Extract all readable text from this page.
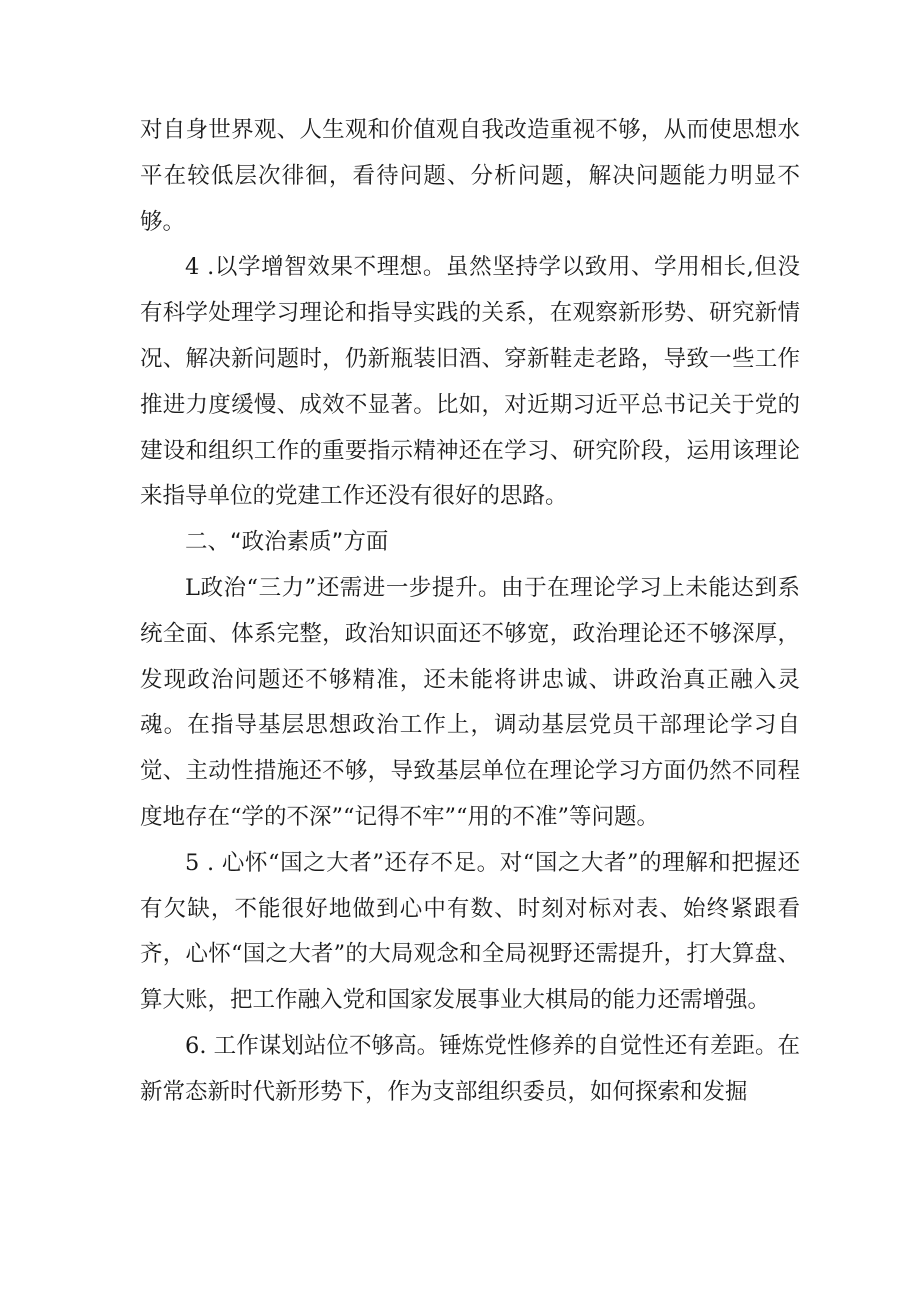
对自身世界观、人生观和价值观自我改造重视不够，从而使思想水平在较低层次徘徊，看待问题、分析问题，解决问题能力明显不够。

4 .以学增智效果不理想。虽然坚持学以致用、学用相长,但没有科学处理学习理论和指导实践的关系，在观察新形势、研究新情况、解决新问题时，仍新瓶装旧酒、穿新鞋走老路，导致一些工作推进力度缓慢、成效不显著。比如，对近期习近平总书记关于党的建设和组织工作的重要指示精神还在学习、研究阶段，运用该理论来指导单位的党建工作还没有很好的思路。

二、“政治素质”方面

L政治“三力”还需进一步提升。由于在理论学习上未能达到系统全面、体系完整，政治知识面还不够宽，政治理论还不够深厚，发现政治问题还不够精准，还未能将讲忠诚、讲政治真正融入灵魂。在指导基层思想政治工作上，调动基层党员干部理论学习自觉、主动性措施还不够，导致基层单位在理论学习方面仍然不同程度地存在“学的不深”“记得不牢”“用的不准”等问题。

5 . 心怀“国之大者”还存不足。对“国之大者”的理解和把握还有欠缺，不能很好地做到心中有数、时刻对标对表、始终紧跟看齐，心怀“国之大者”的大局观念和全局视野还需提升，打大算盘、算大账，把工作融入党和国家发展事业大棋局的能力还需增强。

6. 工作谋划站位不够高。锤炼党性修养的自觉性还有差距。在新常态新时代新形势下，作为支部组织委员，如何探索和发掘
